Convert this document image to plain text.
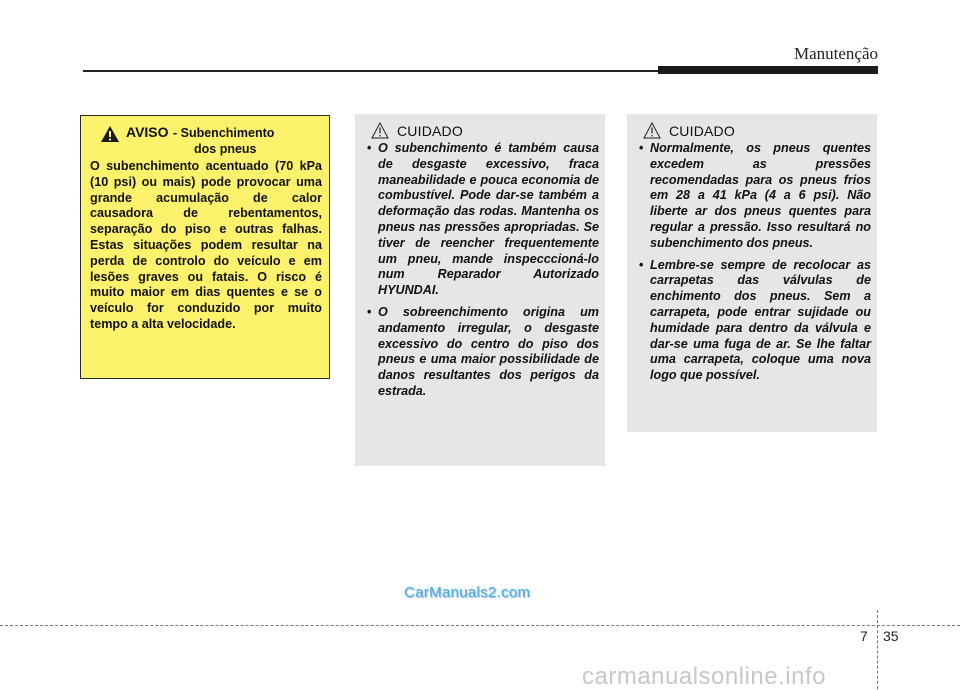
Manutenção
AVISO - Subenchimento
dos pneus
O subenchimento acentuado (70 kPa (10 psi) ou mais) pode provocar uma grande acumulação de calor causadora de rebentamentos, separação do piso e outras falhas. Estas situações podem resultar na perda de controlo do veículo e em lesões graves ou fatais. O risco é muito maior em dias quentes e se o veículo for conduzido por muito tempo a alta velocidade.
CUIDADO
• O subenchimento é também causa de desgaste excessivo, fraca maneabilidade e pouca economia de combustível. Pode dar-se também a deformação das rodas. Mantenha os pneus nas pressões apropriadas. Se tiver de reencher frequentemente um pneu, mande inspecccioná-lo num Reparador Autorizado HYUNDAI.
• O sobreenchimento origina um andamento irregular, o desgaste excessivo do centro do piso dos pneus e uma maior possibilidade de danos resultantes dos perigos da estrada.
CUIDADO
• Normalmente, os pneus quentes excedem as pressões recomendadas para os pneus frios em 28 a 41 kPa (4 a 6 psi). Não liberte ar dos pneus quentes para regular a pressão. Isso resultará no subenchimento dos pneus.
• Lembre-se sempre de recolocar as carrapetas das válvulas de enchimento dos pneus. Sem a carrapeta, pode entrar sujidade ou humidade para dentro da válvula e dar-se uma fuga de ar. Se lhe faltar uma carrapeta, coloque uma nova logo que possível.
CarManuals2.com
7 35
carmanualsonline.info
